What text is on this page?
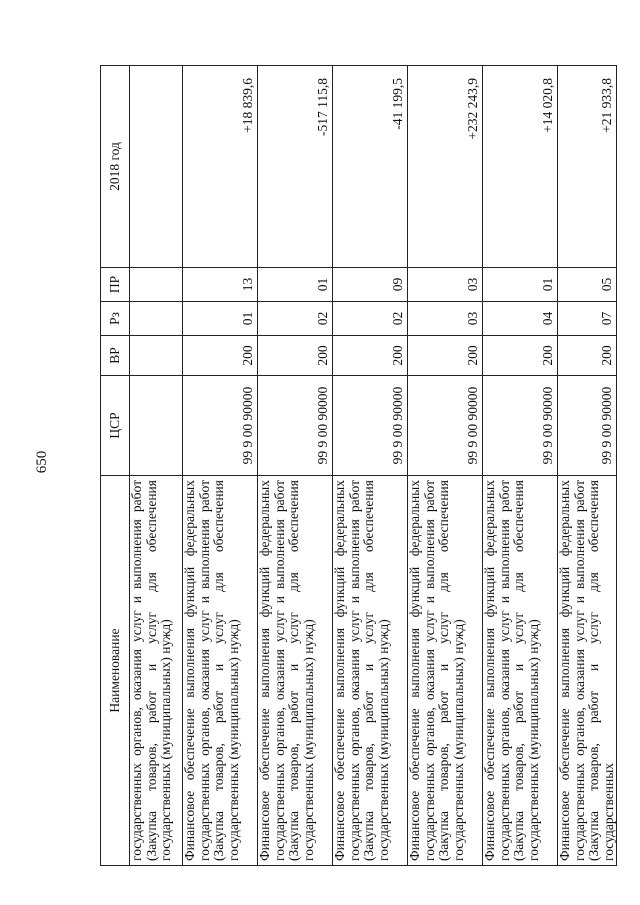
650
Наименование	ЦСР	ВР	Рз	ПР	2018 год
государственных органов, оказания услуг и выполнения работ (Закупка товаров, работ и услуг для обеспечения государственных (муниципальных) нужд)					
Финансовое обеспечение выполнения функций федеральных государственных органов, оказания услуг и выполнения работ (Закупка товаров, работ и услуг для обеспечения государственных (муниципальных) нужд)	99 9 00 90000	200	01	13	+18 839,6
Финансовое обеспечение выполнения функций федеральных государственных органов, оказания услуг и выполнения работ (Закупка товаров, работ и услуг для обеспечения государственных (муниципальных) нужд)	99 9 00 90000	200	02	01	-517 115,8
Финансовое обеспечение выполнения функций федеральных государственных органов, оказания услуг и выполнения работ (Закупка товаров, работ и услуг для обеспечения государственных (муниципальных) нужд)	99 9 00 90000	200	02	09	-41 199,5
Финансовое обеспечение выполнения функций федеральных государственных органов, оказания услуг и выполнения работ (Закупка товаров, работ и услуг для обеспечения государственных (муниципальных) нужд)	99 9 00 90000	200	03	03	+232 243,9
Финансовое обеспечение выполнения функций федеральных государственных органов, оказания услуг и выполнения работ (Закупка товаров, работ и услуг для обеспечения государственных (муниципальных) нужд)	99 9 00 90000	200	04	01	+14 020,8
Финансовое обеспечение выполнения функций федеральных государственных органов, оказания услуг и выполнения работ (Закупка товаров, работ и услуг для обеспечения государственных	99 9 00 90000	200	07	05	+21 933,8
